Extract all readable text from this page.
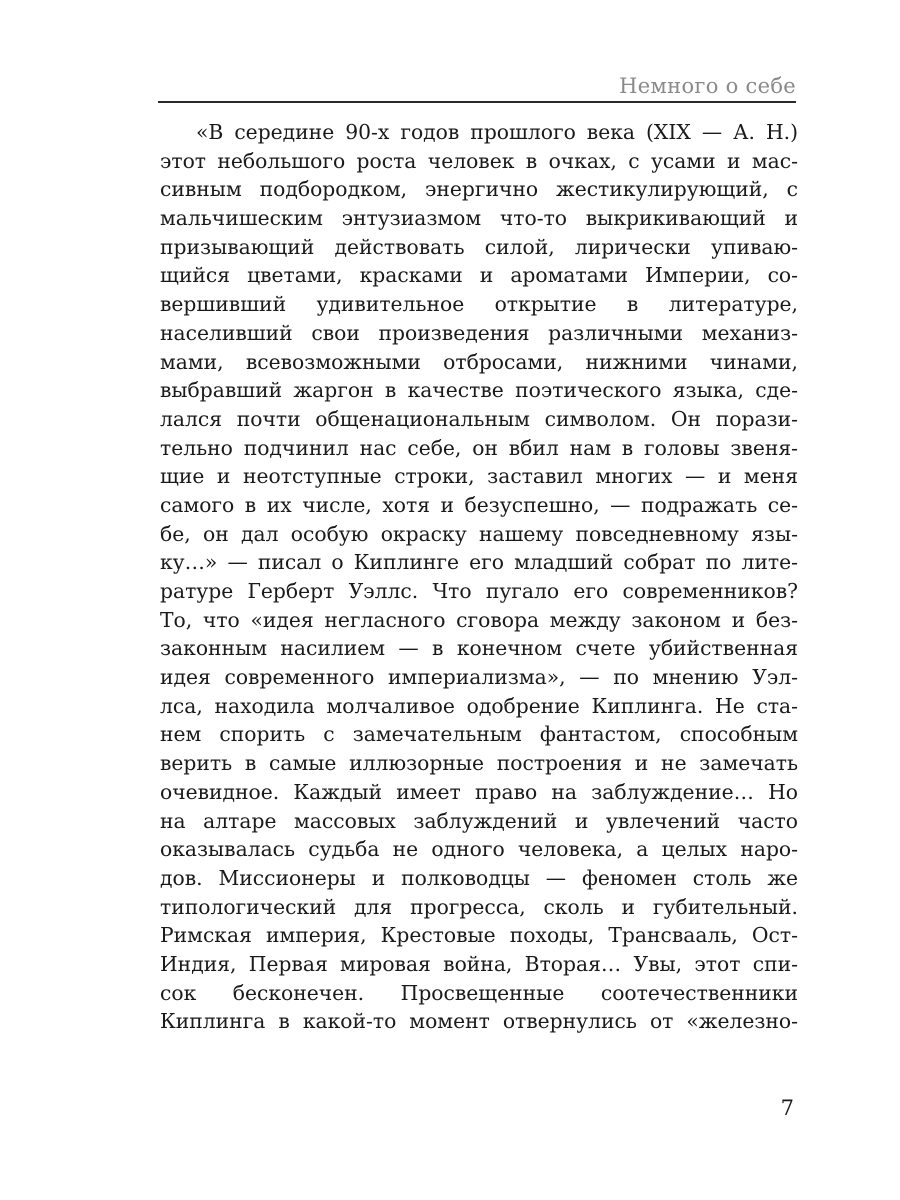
Немного о себе
«В середине 90-х годов прошлого века (XIX — А. Н.)
этот небольшого роста человек в очках, с усами и мас-
сивным подбородком, энергично жестикулирующий, с
мальчишеским энтузиазмом что-то выкрикивающий и
призывающий действовать силой, лирически упиваю-
щийся цветами, красками и ароматами Империи, со-
вершивший удивительное открытие в литературе,
населивший свои произведения различными механиз-
мами, всевозможными отбросами, нижними чинами,
выбравший жаргон в качестве поэтического языка, сде-
лался почти общенациональным символом. Он порази-
тельно подчинил нас себе, он вбил нам в головы звеня-
щие и неотступные строки, заставил многих — и меня
самого в их числе, хотя и безуспешно, — подражать се-
бе, он дал особую окраску нашему повседневному язы-
ку…» — писал о Киплинге его младший собрат по лите-
ратуре Герберт Уэллс. Что пугало его современников?
То, что «идея негласного сговора между законом и без-
законным насилием — в конечном счете убийственная
идея современного империализма», — по мнению Уэл-
лса, находила молчаливое одобрение Киплинга. Не ста-
нем спорить с замечательным фантастом, способным
верить в самые иллюзорные построения и не замечать
очевидное. Каждый имеет право на заблуждение… Но
на алтаре массовых заблуждений и увлечений часто
оказывалась судьба не одного человека, а целых наро-
дов. Миссионеры и полководцы — феномен столь же
типологический для прогресса, сколь и губительный.
Римская империя, Крестовые походы, Трансвааль, Ост-
Индия, Первая мировая война, Вторая… Увы, этот спи-
сок бесконечен. Просвещенные соотечественники
Киплинга в какой-то момент отвернулись от «железно-
7
